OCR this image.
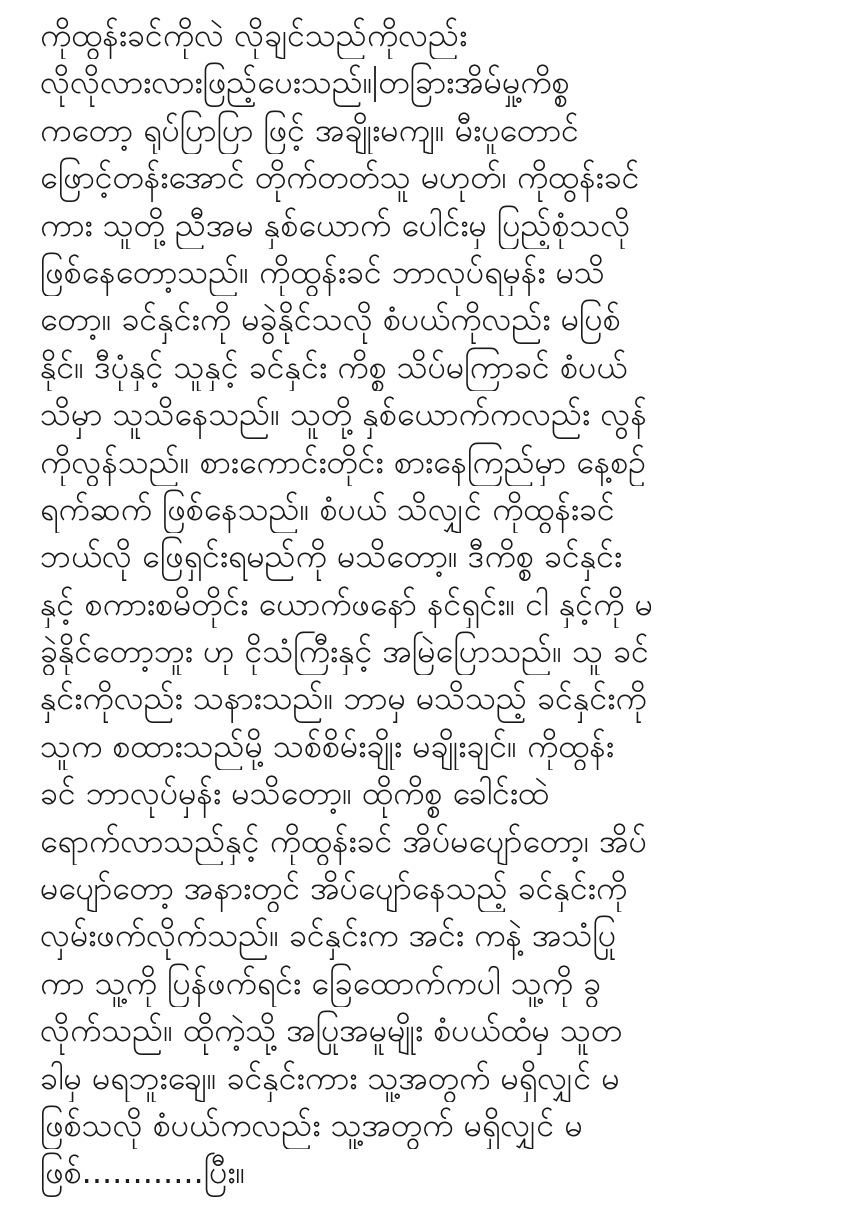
ကိုထွန်းခင်ကိုလဲ လိုချင်သည်ကိုလည်း
လိုလိုလားလားဖြည့်ပေးသည်။ တခြားအိမ်မှု့ကိစ္စ
ကတော့ ရုပ်ပြာပြာ ဖြင့် အချိုးမကျ။ မီးပူတောင်
ဖြောင့်တန်းအောင် တိုက်တတ်သူ မဟုတ်၊ ကိုထွန်းခင်
ကား သူတို့ ညီအမ နှစ်ယောက် ပေါင်းမှ ပြည့်စုံသလို
ဖြစ်နေတော့သည်။ ကိုထွန်းခင် ဘာလုပ်ရမှန်း မသိ
တော့။ ခင်နှင်းကို မခွဲနိုင်သလို စံပယ်ကိုလည်း မပြစ်
နိုင်။ ဒီပုံနှင့် သူနှင့် ခင်နှင်း ကိစ္စ သိပ်မကြာခင် စံပယ်
သိမှာ သူသိနေသည်။ သူတို့ နှစ်ယောက်ကလည်း လွန်
ကိုလွန်သည်။ စားကောင်းတိုင်း စားနေကြည်မှာ နေ့စဉ်
ရက်ဆက် ဖြစ်နေသည်။ စံပယ် သိလျှင် ကိုထွန်းခင်
ဘယ်လို ဖြေရှင်းရမည်ကို မသိတော့။ ဒီကိစ္စ ခင်နှင်း
နှင့် စကားစမိတိုင်း ယောက်ဖနော် နင်ရှင်း။ ငါ နှင့်ကို မ
ခွဲနိုင်တော့ဘူး ဟု ငိုသံကြီးနှင့် အမြဲပြောသည်။ သူ ခင်
နှင်းကိုလည်း သနားသည်။ ဘာမှ မသိသည့် ခင်နှင်းကို
သူက စထားသည်မို့ သစ်စိမ်းချိုး မချိုးချင်။ ကိုထွန်း
ခင် ဘာလုပ်မှန်း မသိတော့။ ထိုကိစ္စ ခေါင်းထဲ
ရောက်လာသည်နှင့် ကိုထွန်းခင် အိပ်မပျော်တော့၊ အိပ်
မပျော်တော့ အနားတွင် အိပ်ပျော်နေသည့် ခင်နှင်းကို
လှမ်းဖက်လိုက်သည်။ ခင်နှင်းက အင်း ကနဲ့ အသံပြု
ကာ သူ့ကို ပြန်ဖက်ရင်း ခြေထောက်ကပါ သူ့ကို ခွ
လိုက်သည်။ ထိုကဲ့သို့ အပြုအမူမျိုး စံပယ်ထံမှ သူတ
ခါမှ မရဘူးချေ။ ခင်နှင်းကား သူ့အတွက် မရှိလျှင် မ
ဖြစ်သလို စံပယ်ကလည်း သူ့အတွက် မရှိလျှင် မ
ဖြစ်............ပြီး။
